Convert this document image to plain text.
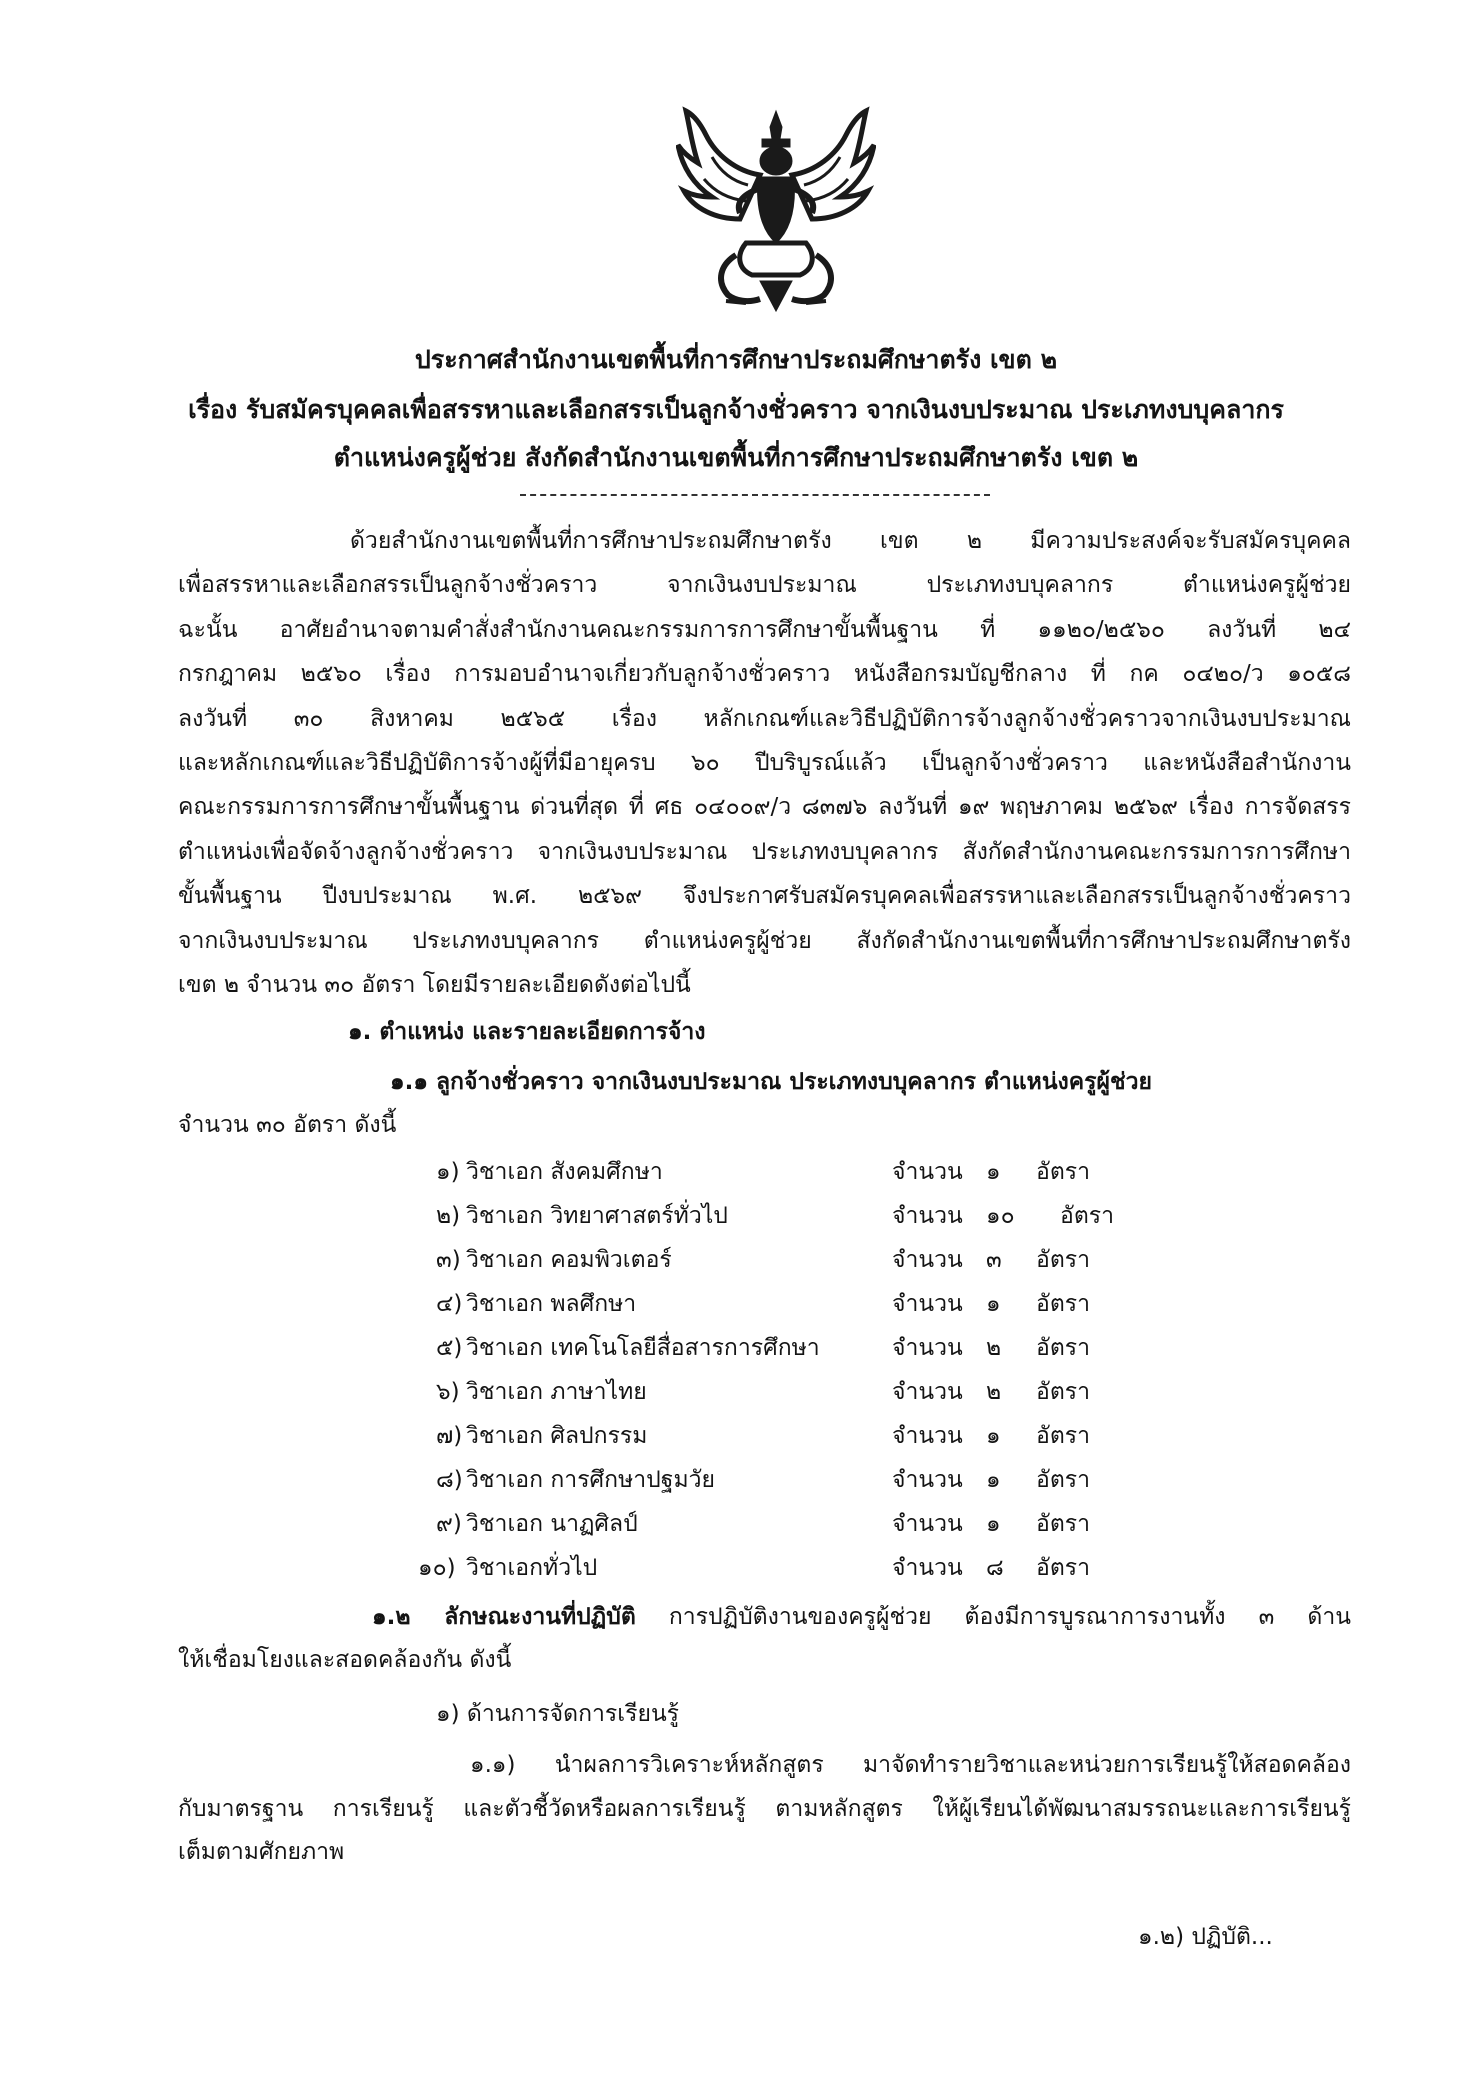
ประกาศสำนักงานเขตพื้นที่การศึกษาประถมศึกษาตรัง เขต ๒
เรื่อง รับสมัครบุคคลเพื่อสรรหาและเลือกสรรเป็นลูกจ้างชั่วคราว จากเงินงบประมาณ ประเภทงบบุคลากร
ตำแหน่งครูผู้ช่วย สังกัดสำนักงานเขตพื้นที่การศึกษาประถมศึกษาตรัง เขต ๒
ด้วยสำนักงานเขตพื้นที่การศึกษาประถมศึกษาตรัง เขต ๒ มีความประสงค์จะรับสมัครบุคคล
เพื่อสรรหาและเลือกสรรเป็นลูกจ้างชั่วคราว จากเงินงบประมาณ ประเภทงบบุคลากร ตำแหน่งครูผู้ช่วย
ฉะนั้น อาศัยอำนาจตามคำสั่งสำนักงานคณะกรรมการการศึกษาขั้นพื้นฐาน ที่ ๑๑๒๐/๒๕๖๐ ลงวันที่ ๒๔
กรกฎาคม ๒๕๖๐ เรื่อง การมอบอำนาจเกี่ยวกับลูกจ้างชั่วคราว หนังสือกรมบัญชีกลาง ที่ กค ๐๔๒๐/ว ๑๐๕๘
ลงวันที่ ๓๐ สิงหาคม ๒๕๖๕ เรื่อง หลักเกณฑ์และวิธีปฏิบัติการจ้างลูกจ้างชั่วคราวจากเงินงบประมาณ
และหลักเกณฑ์และวิธีปฏิบัติการจ้างผู้ที่มีอายุครบ ๖๐ ปีบริบูรณ์แล้ว เป็นลูกจ้างชั่วคราว และหนังสือสำนักงาน
คณะกรรมการการศึกษาขั้นพื้นฐาน ด่วนที่สุด ที่ ศธ ๐๔๐๐๙/ว ๘๓๗๖ ลงวันที่ ๑๙ พฤษภาคม ๒๕๖๙ เรื่อง การจัดสรร
ตำแหน่งเพื่อจัดจ้างลูกจ้างชั่วคราว จากเงินงบประมาณ ประเภทงบบุคลากร สังกัดสำนักงานคณะกรรมการการศึกษา
ขั้นพื้นฐาน ปีงบประมาณ พ.ศ. ๒๕๖๙ จึงประกาศรับสมัครบุคคลเพื่อสรรหาและเลือกสรรเป็นลูกจ้างชั่วคราว
จากเงินงบประมาณ ประเภทงบบุคลากร ตำแหน่งครูผู้ช่วย สังกัดสำนักงานเขตพื้นที่การศึกษาประถมศึกษาตรัง
เขต ๒ จำนวน ๓๐ อัตรา โดยมีรายละเอียดดังต่อไปนี้
๑. ตำแหน่ง และรายละเอียดการจ้าง
๑.๑ ลูกจ้างชั่วคราว จากเงินงบประมาณ ประเภทงบบุคลากร ตำแหน่งครูผู้ช่วย
จำนวน ๓๐ อัตรา ดังนี้
๑) วิชาเอก สังคมศึกษา	จำนวน ๑ อัตรา
๒) วิชาเอก วิทยาศาสตร์ทั่วไป	จำนวน ๑๐ อัตรา
๓) วิชาเอก คอมพิวเตอร์	จำนวน ๓ อัตรา
๔) วิชาเอก พลศึกษา	จำนวน ๑ อัตรา
๕) วิชาเอก เทคโนโลยีสื่อสารการศึกษา	จำนวน ๒ อัตรา
๖) วิชาเอก ภาษาไทย	จำนวน ๒ อัตรา
๗) วิชาเอก ศิลปกรรม	จำนวน ๑ อัตรา
๘) วิชาเอก การศึกษาปฐมวัย	จำนวน ๑ อัตรา
๙) วิชาเอก นาฏศิลป์	จำนวน ๑ อัตรา
๑๐) วิชาเอกทั่วไป	จำนวน ๘ อัตรา
๑.๒ ลักษณะงานที่ปฏิบัติ การปฏิบัติงานของครูผู้ช่วย ต้องมีการบูรณาการงานทั้ง ๓ ด้าน
ให้เชื่อมโยงและสอดคล้องกัน ดังนี้
๑) ด้านการจัดการเรียนรู้
๑.๑) นำผลการวิเคราะห์หลักสูตร มาจัดทำรายวิชาและหน่วยการเรียนรู้ให้สอดคล้อง
กับมาตรฐาน การเรียนรู้ และตัวชี้วัดหรือผลการเรียนรู้ ตามหลักสูตร ให้ผู้เรียนได้พัฒนาสมรรถนะและการเรียนรู้
เต็มตามศักยภาพ
๑.๒) ปฏิบัติ...
